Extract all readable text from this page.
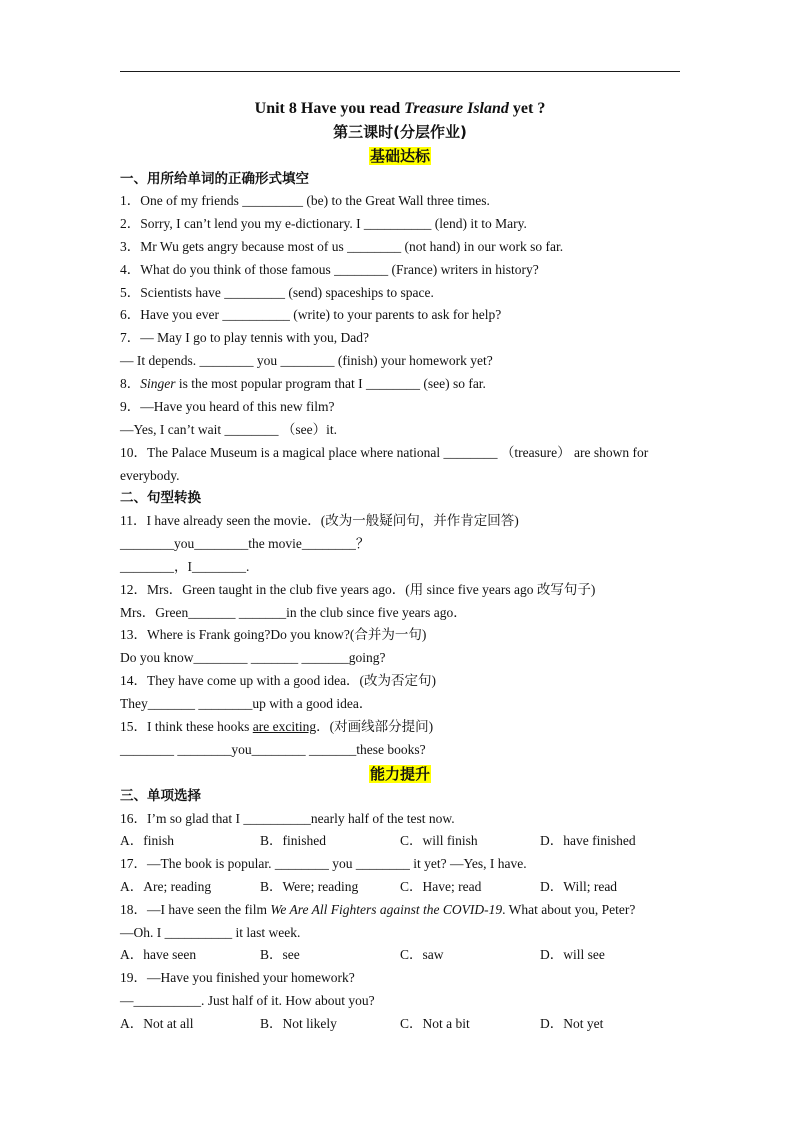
Unit 8 Have you read Treasure Island yet ?
第三课时(分层作业)
基础达标
一、用所给单词的正确形式填空
1．One of my friends _________ (be) to the Great Wall three times.
2．Sorry, I can’t lend you my e-dictionary. I __________ (lend) it to Mary.
3．Mr Wu gets angry because most of us ________ (not hand) in our work so far.
4．What do you think of those famous ________ (France) writers in history?
5．Scientists have _________ (send) spaceships to space.
6．Have you ever __________ (write) to your parents to ask for help?
7．— May I go to play tennis with you, Dad?
— It depends. ________ you ________ (finish) your homework yet?
8．Singer is the most popular program that I ________ (see) so far.
9．—Have you heard of this new film?
—Yes, I can’t wait ________ （see）it.
10．The Palace Museum is a magical place where national ________ （treasure） are shown for
everybody.
二、句型转换
11．I have already seen the movie．(改为一般疑问句，并作肯定回答)
________you________the movie________？
________，I________.
12．Mrs．Green taught in the club five years ago．(用 since five years ago 改写句子)
Mrs．Green_______ _______in the club since five years ago．
13．Where is Frank going?Do you know?(合并为一句)
Do you know________ _______ _______going?
14．They have come up with a good idea．(改为否定句)
They_______ ________up with a good idea．
15．I think these hooks are exciting．(对画线部分提问)
________ ________you________ _______these books?
能力提升
三、单项选择
16．I’m so glad that I __________nearly half of the test now.
A．finish	B．finished	C．will finish	D．have finished
17．—The book is popular. ________ you ________ it yet? —Yes, I have.
A．Are; reading	B．Were; reading	C．Have; read	D．Will; read
18．—I have seen the film We Are All Fighters against the COVID-19. What about you, Peter?
—Oh. I __________ it last week.
A．have seen	B．see	C．saw	D．will see
19．—Have you finished your homework?
—__________. Just half of it. How about you?
A．Not at all	B．Not likely	C．Not a bit	D．Not yet
